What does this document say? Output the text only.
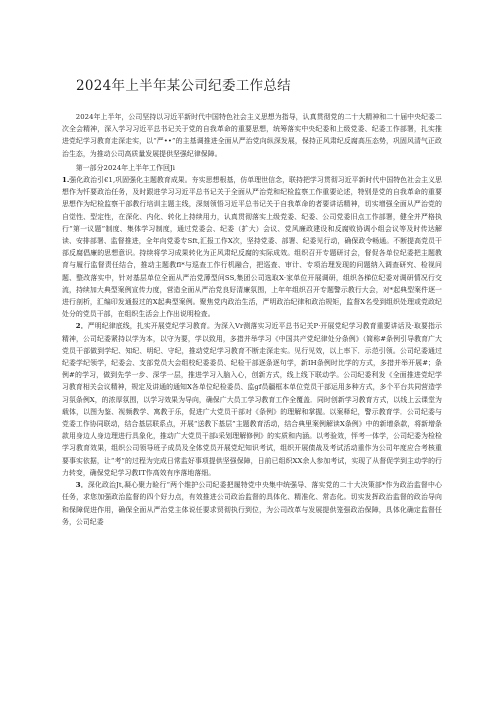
2024年上半年某公司纪委工作总结

2024年上半年，公司坚持以习近平新时代中国特色社会主义思想为指导，认真贯彻党的二十大精神和二十届中央纪委二次全会精神，深入学习习近平总书记关于党的自我革命的重要思想，统筹落实中央纪委和上级党委、纪委工作部署，扎实推进党纪学习教育走深走实，以“严••”的主基调推进全面从严治党向纵深发展，保持正风肃纪反腐高压态势，巩固风清气正政治生态，为推动公司高质量发展提供坚强纪律保障。

第一部分2024年上半年工作回Ji

1.强化政治引€1,巩固强化主题教育成果。夯实思想根基，仿单理世信念，联持把学习贯彻习近平新时代中国特色社会主义思想作为忏要政治任务，及时跟进学习习近平总书记关于全面从严治党和纪检监察工作重要论述，特别是党的自我革命的重要思想作为纪检监察干部教行培训主题主线，深刻领悟习近平总书记关于自我革命的者要讲话精神，切实增强全面从严治党的自觉性、型定性，在深化、内化、转化上持续用力，认真贯彻落实上级党委、纪委、公司党委旧点工作部署，健全并严格执行“第一议题”制度、集体学习制度，通过党委会、纪委（扩大）会议、党风廉政建设和反腐败协调小组会议等及时传达解读、安排部署、监督推进，全年向党委专Sft,汇报工作X次，坚持党委、部署、纪委见行动，确保政令畅通。不断提高党员干部反腐倡廉的思想意识。持续将学习成果转化为正风肃纪反腐的实际成效。组织召开专题研讨会，督促各单位纪委把主题教育与履行监督责任结合，推动主题教fl*与巡查工作行机融合，把巡查、审计、专项治理发现的问题纳入调查研究、检视问题、整改落实中，针对基层单位全面从严治党薄型问SS,集团公司选取X·家单位开展调研，组织各梯位纪委对调研情况行交流，持续加大典型案例宣传力度，营造全面从严治党良好清廉氛围，上年年组织召开专题警示教行大会，对*起典型案件逐一进行剖析，汇编印发通报过的X起典型案例。聚焦党内政治生活，严明政治纪律和政治规矩，监督X名受到组织处理或党政纪处分的党员干部，在组织生活会上作出说明检查。

2．严明纪律底线，扎实开展党纪学习教育。为深入Vr测落实习近平总书记关P·开展党纪学习教育重要讲话及·取要指示精神，公司纪委紧持以学为本，以守为要，学以致用，多措并举学习《中国共产党纪律处分条例》（简称#条例引导教育广大党员干部做到学纪、知纪、明纪、守纪，推动党纪学习教育不断走深走实。见行见效，以上率下．示范引领。公司纪委通过纪委学纪领学，纪委会、支部党员大会组校纪委委员、纪检干部逐条逐句学，新IH条例时比学的方式，多措并举开展#；条例#的学习，做到先学一步、深学一层，推进学习入脑入心，创新方式，线上线下联动学。公司纪委利发《全面推进党纪学习教育相关会议精神，规定及讲通的通知X各单位纪检委员、监gf员疆框本单位党员干部运用多种方式，多个平台共同营造学习氛条例X，的浓厚氛围，以学习效果为导向，确保广大员工学习教育工作全覆盖．同时创新学习教育方式，以线上云课堂为载体，以图为鉴、视频教学、寓教于乐，促进广大党员干部对《条例》的理解和掌握。以案释纪，警示教育学．公司纪委与党委工作协同联动，结合基层联系点，开展“送教下基层”主题教育活动，结合典里案例解读X条例》中的新增条款，将新增条款用身边人身边理进行具象化，推动广大党员干部i采划理解修例》的实质和内涵。以考验效，怦考一体学，公司纪委为检检学习教育效果，组织公司领导班子成员及全体党员开展党纪知识考试，组织开展债战及考试活动重作为公司年度应合考核重要事实依据，让“考”的过程为完成日常监好事项提供坚强保障，日前已组织XX余人参加考试，实现了从督促学到主动学的行力转变，确保党纪学习教IT作高效有序落地落细。

3．深化政治Jt,凝心聚力睑行“两个维护公司纪委把履特党中央集中统强导、落实党的二十大决策部*作为政治监督中心任务，求您加强政治监督的四个好力点，有效推进公司政治监督的具体化、精准化、常态化。切实发挥政治监督的政治导向和保障促进作用，确保全面从严治党主体说任要求贸彻执行到位，为公司改革与发展提供笼强政治保障，具体化确定监督任务，公司纪委
